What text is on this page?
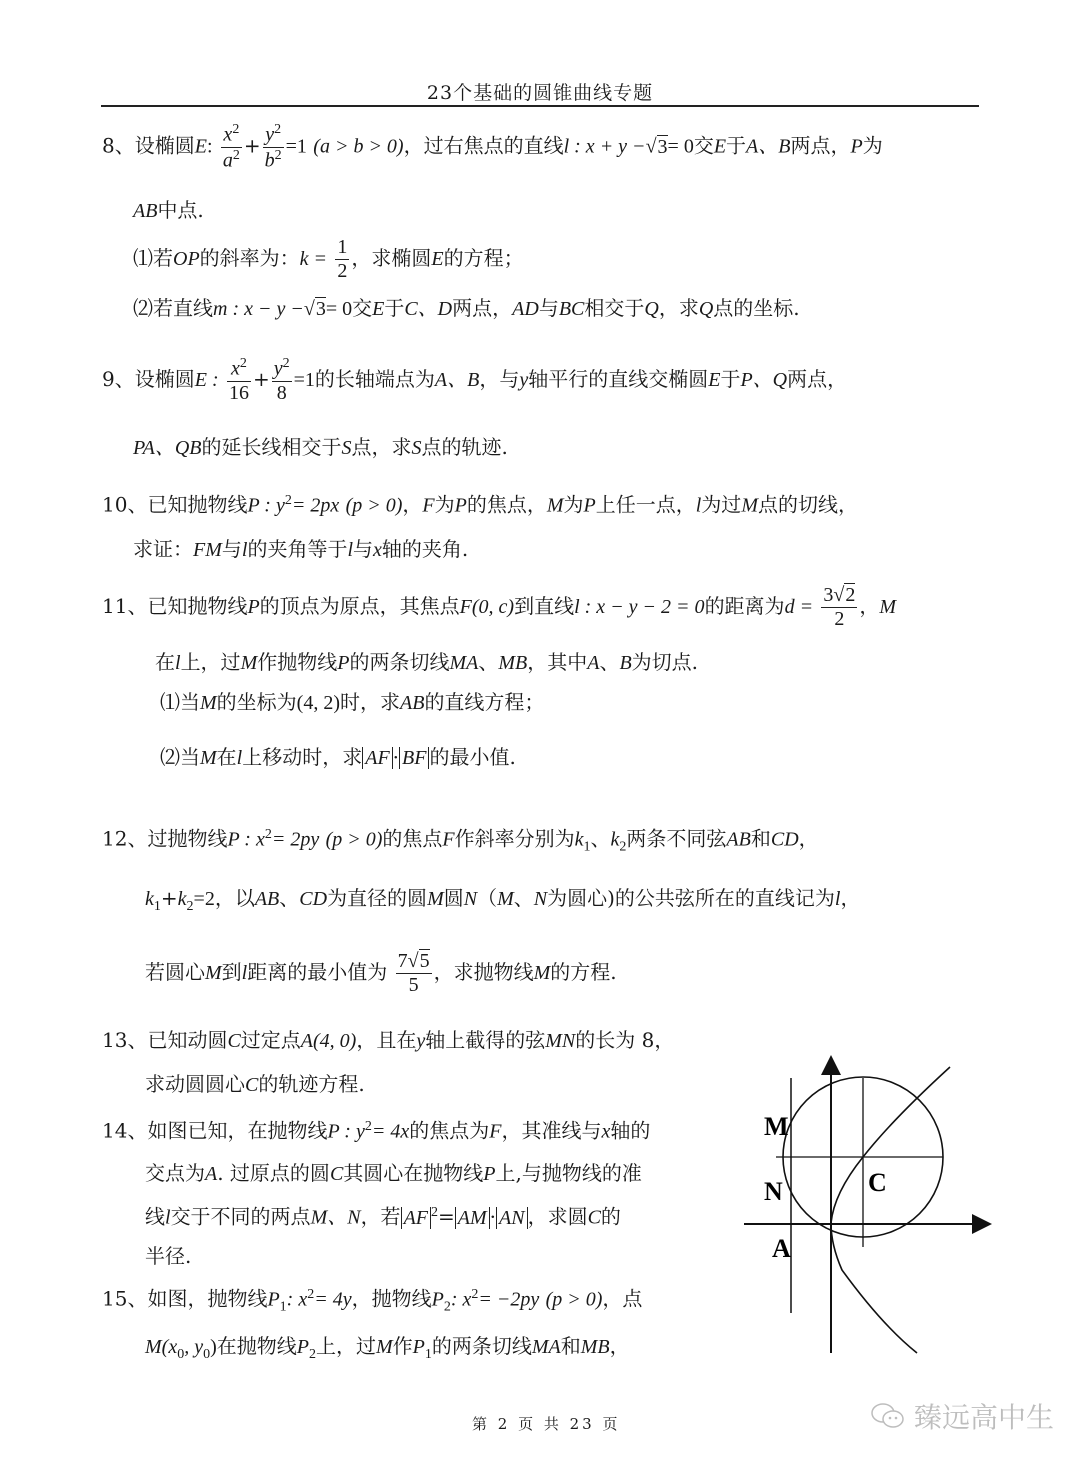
23个基础的圆锥曲线专题
8、设椭圆E: $\frac{x^2}{a^2} + \frac{y^2}{b^2} =1$ (a > b > 0)，过右焦点的直线l : x + y −√3= 0交E于A、B两点，P为
AB中点.
⑴若OP的斜率为：$k = \frac{1}{2}$ ，求椭圆E的方程；
⑵若直线m : x − y −√3= 0交E于C、D两点，AD与BC相交于Q，求Q点的坐标.
9、设椭圆E : $\frac{x^2}{16} + \frac{y^2}{8} =1$的长轴端点为A、B，与y轴平行的直线交椭圆E于P、Q两点，
PA、QB的延长线相交于S点，求S点的轨迹.
10、已知抛物线P : $y^2= 2px$ (p > 0)，F为P的焦点，M为P上任一点，l为过M点的切线，
求证：FM与l的夹角等于l与x轴的夹角.
11、已知抛物线P的顶点为原点，其焦点F(0, c)到直线l : x − y − 2 = 0的距离为$d = \frac{3√2}{2}$ ，M
在l上，过M作抛物线P的两条切线MA、MB，其中A、B为切点.
⑴当M的坐标为(4, 2)时，求AB的直线方程；
⑵当M在l上移动时，求 AF · BF 的最小值.
12、过抛物线P : $x^2= 2py$ (p > 0)的焦点F作斜率分别为$k_1$、$k_2$两条不同弦AB和CD，
$k_1+k_2=2$，以AB、CD为直径的圆M圆N（M、N为圆心)的公共弦所在的直线记为l，
若圆心M到l距离的最小值为 $\frac{7√5}{5}$ ，求抛物线M的方程.
13、已知动圆C过定点A(4, 0)，且在y轴上截得的弦MN的长为 8，
求动圆圆心C的轨迹方程.
14、如图已知，在抛物线P : $y^2= 4x$的焦点为F，其准线与x轴的
交点为A. 过原点的圆C其圆心在抛物线P上,与抛物线的准
线l交于不同的两点M、N，若 AF $^2$= AM · AN ，求圆C的
半径.
15、如图，抛物线$P_1$: $x^2= 4y$，抛物线$P_2$: $x^2= -2py$ (p > 0)，点
$M(x_0$, $y_0$)在抛物线$P_2$上，过M作$P_1$的两条切线MA和MB，
M
N
A
C
第 2 页 共 23 页	臻远高中生
